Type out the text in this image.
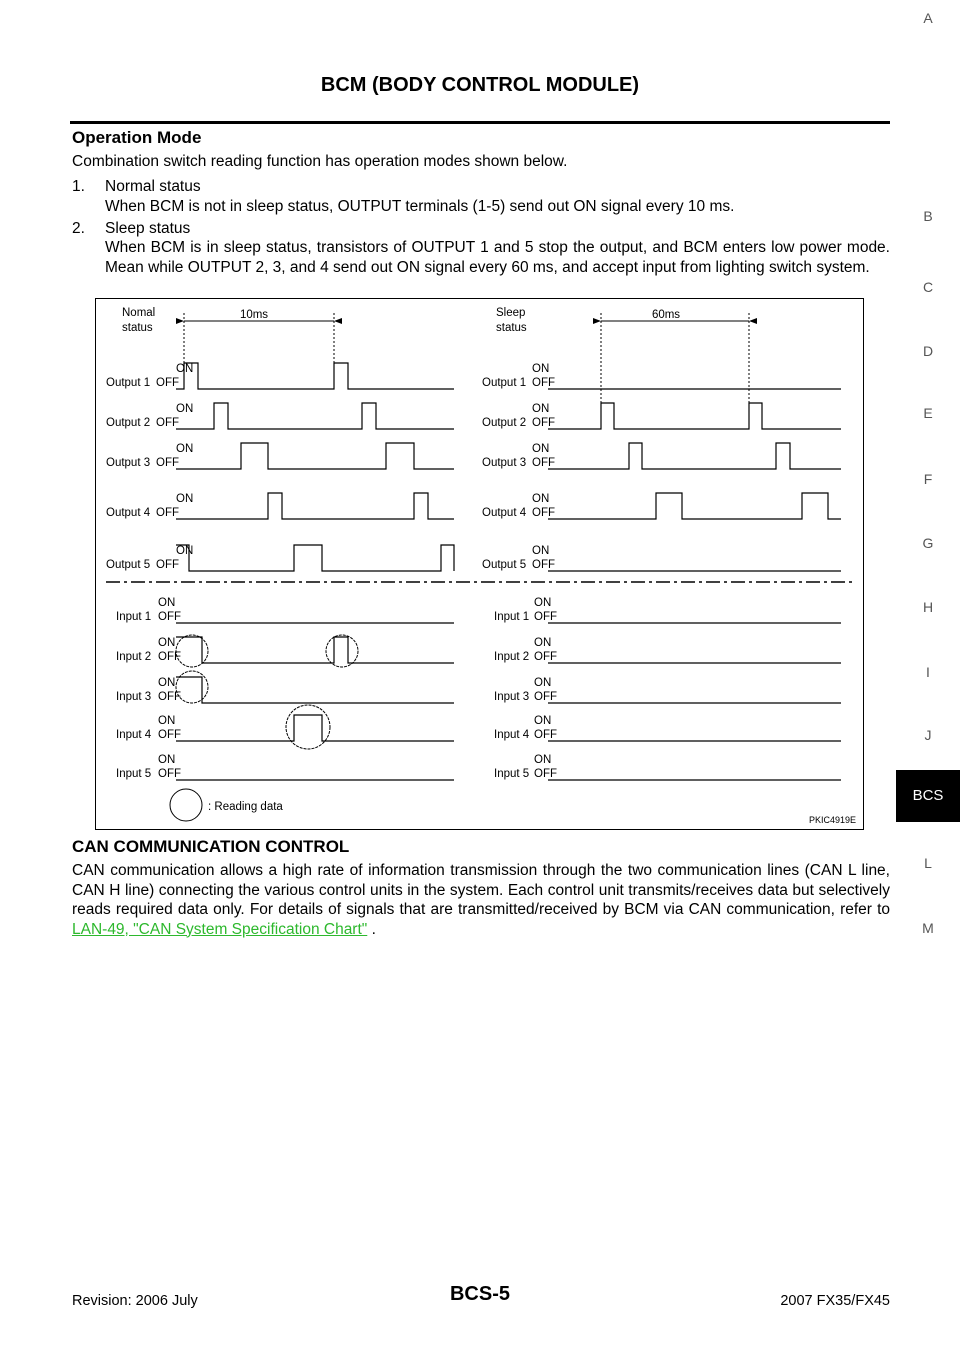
BCM (BODY CONTROL MODULE)
Operation Mode
Combination switch reading function has operation modes shown below.
1. Normal status
When BCM is not in sleep status, OUTPUT terminals (1-5) send out ON signal every 10 ms.
2. Sleep status
When BCM is in sleep status, transistors of OUTPUT 1 and 5 stop the output, and BCM enters low power mode. Mean while OUTPUT 2, 3, and 4 send out ON signal every 60 ms, and accept input from lighting switch system.
Nomal
status
Sleep
status
10ms	60ms
ON
Output 1 OFF
ON
Output 1 OFF
ON
Output 2 OFF
ON
Output 2 OFF
ON
Output 3 OFF
ON
Output 3 OFF
ON
Output 4 OFF
ON
Output 4 OFF
ON
Output 5 OFF
ON
Output 5 OFF
ON
Input 1 OFF
ON
Input 1 OFF
ON
Input 2 OFF
ON
Input 2 OFF
ON
Input 3 OFF
ON
Input 3 OFF
ON
Input 4 OFF
ON
Input 4 OFF
ON
Input 5 OFF
ON
Input 5 OFF
: Reading data
PKIC4919E
CAN COMMUNICATION CONTROL
CAN communication allows a high rate of information transmission through the two communication lines (CAN L line, CAN H line) connecting the various control units in the system. Each control unit transmits/receives data but selectively reads required data only. For details of signals that are transmitted/received by BCM via CAN communication, refer to LAN-49, "CAN System Specification Chart" .
A
B
C
D
E
F
G
H
I
J
L
M
BCS
Revision: 2006 July	BCS-5	2007 FX35/FX45
